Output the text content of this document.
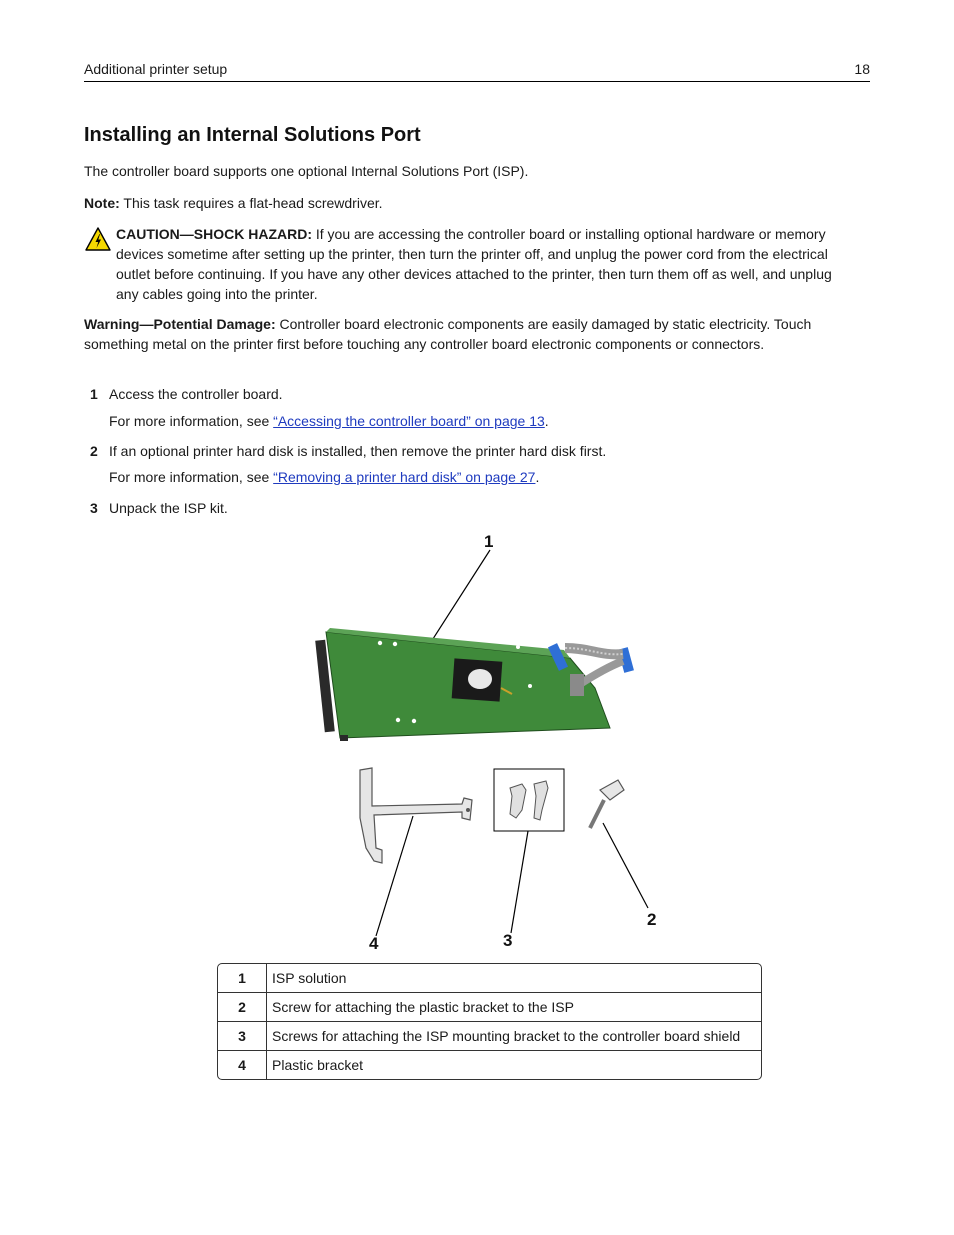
Additional printer setup	18
Installing an Internal Solutions Port

The controller board supports one optional Internal Solutions Port (ISP).

Note: This task requires a flat-head screwdriver.

CAUTION—SHOCK HAZARD: If you are accessing the controller board or installing optional hardware or memory devices sometime after setting up the printer, then turn the printer off, and unplug the power cord from the electrical outlet before continuing. If you have any other devices attached to the printer, then turn them off as well, and unplug any cables going into the printer.

Warning—Potential Damage: Controller board electronic components are easily damaged by static electricity. Touch something metal on the printer first before touching any controller board electronic components or connectors.

1 Access the controller board.
For more information, see “Accessing the controller board” on page 13.
2 If an optional printer hard disk is installed, then remove the printer hard disk first.
For more information, see “Removing a printer hard disk” on page 27.
3 Unpack the ISP kit.
1
2
3
4
1	ISP solution
2	Screw for attaching the plastic bracket to the ISP
3	Screws for attaching the ISP mounting bracket to the controller board shield
4	Plastic bracket
